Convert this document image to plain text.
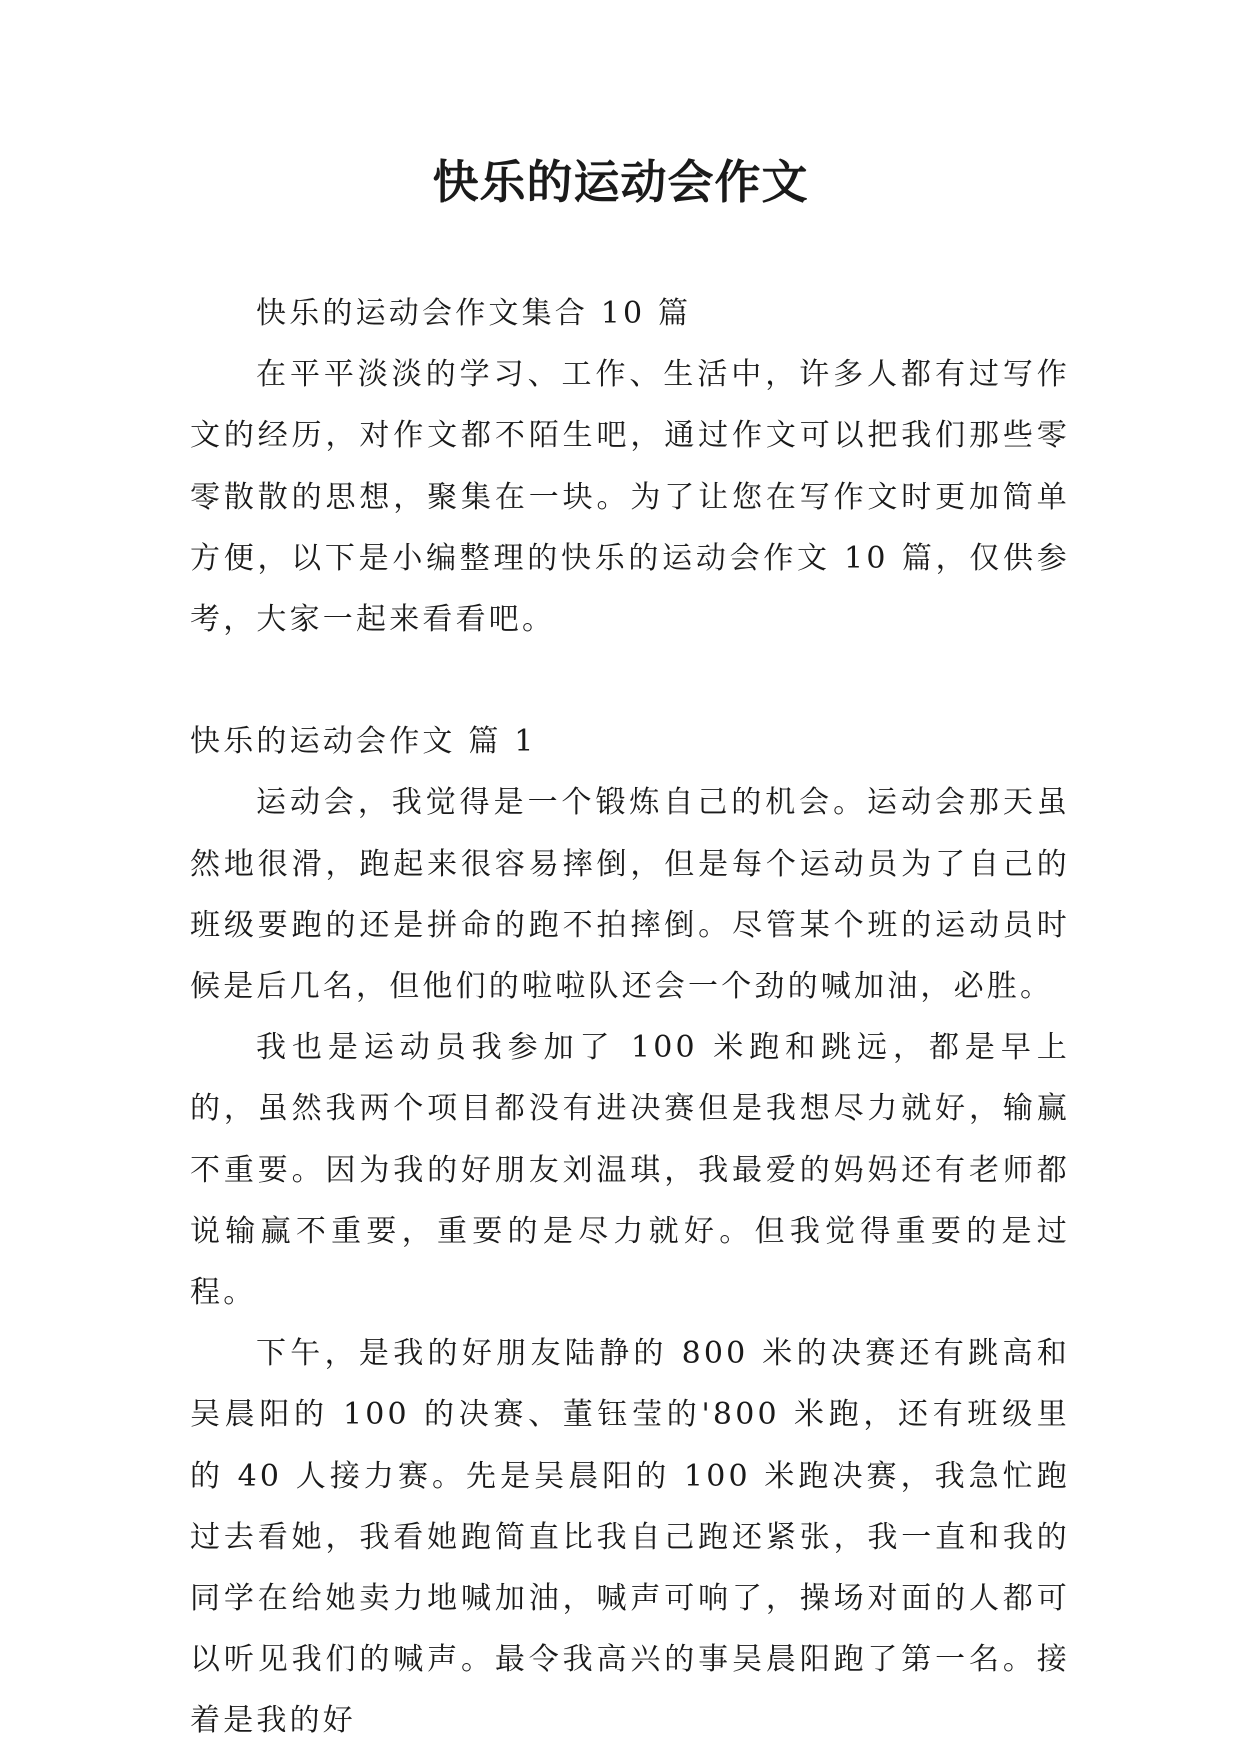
快乐的运动会作文

快乐的运动会作文集合 10 篇

在平平淡淡的学习、工作、生活中，许多人都有过写作文的经历，对作文都不陌生吧，通过作文可以把我们那些零零散散的思想，聚集在一块。为了让您在写作文时更加简单方便，以下是小编整理的快乐的运动会作文 10 篇，仅供参考，大家一起来看看吧。

快乐的运动会作文 篇 1

运动会，我觉得是一个锻炼自己的机会。运动会那天虽然地很滑，跑起来很容易摔倒，但是每个运动员为了自己的班级要跑的还是拼命的跑不拍摔倒。尽管某个班的运动员时候是后几名，但他们的啦啦队还会一个劲的喊加油，必胜。

我也是运动员我参加了 100 米跑和跳远，都是早上的，虽然我两个项目都没有进决赛但是我想尽力就好，输赢不重要。因为我的好朋友刘温琪，我最爱的妈妈还有老师都说输赢不重要，重要的是尽力就好。但我觉得重要的是过程。

下午，是我的好朋友陆静的 800 米的决赛还有跳高和吴晨阳的 100 的决赛、董钰莹的'800 米跑，还有班级里的 40 人接力赛。先是吴晨阳的 100 米跑决赛，我急忙跑过去看她，我看她跑简直比我自己跑还紧张，我一直和我的同学在给她卖力地喊加油，喊声可响了，操场对面的人都可以听见我们的喊声。最令我高兴的事吴晨阳跑了第一名。接着是我的好
